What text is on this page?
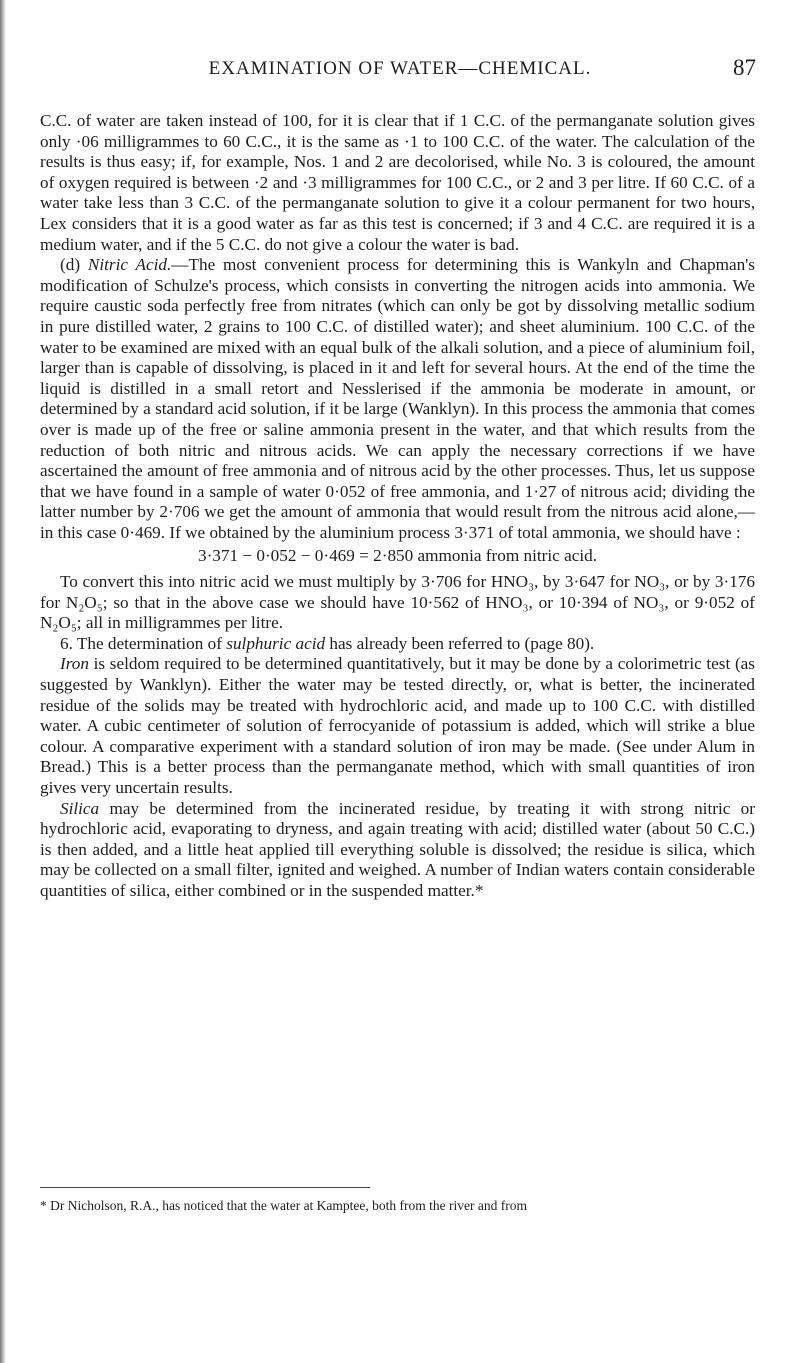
EXAMINATION OF WATER—CHEMICAL.	87

C.C. of water are taken instead of 100, for it is clear that if 1 C.C. of the permanganate solution gives only ·06 milligrammes to 60 C.C., it is the same as ·1 to 100 C.C. of the water. The calculation of the results is thus easy; if, for example, Nos. 1 and 2 are decolorised, while No. 3 is coloured, the amount of oxygen required is between ·2 and ·3 milligrammes for 100 C.C., or 2 and 3 per litre. If 60 C.C. of a water take less than 3 C.C. of the permanganate solution to give it a colour permanent for two hours, Lex considers that it is a good water as far as this test is concerned; if 3 and 4 C.C. are required it is a medium water, and if the 5 C.C. do not give a colour the water is bad.

(d) Nitric Acid.—The most convenient process for determining this is Wankyln and Chapman's modification of Schulze's process, which consists in converting the nitrogen acids into ammonia. We require caustic soda perfectly free from nitrates (which can only be got by dissolving metallic sodium in pure distilled water, 2 grains to 100 C.C. of distilled water); and sheet aluminium. 100 C.C. of the water to be examined are mixed with an equal bulk of the alkali solution, and a piece of aluminium foil, larger than is capable of dissolving, is placed in it and left for several hours. At the end of the time the liquid is distilled in a small retort and Nesslerised if the ammonia be moderate in amount, or determined by a standard acid solution, if it be large (Wanklyn). In this process the ammonia that comes over is made up of the free or saline ammonia present in the water, and that which results from the reduction of both nitric and nitrous acids. We can apply the necessary corrections if we have ascertained the amount of free ammonia and of nitrous acid by the other processes. Thus, let us suppose that we have found in a sample of water 0·052 of free ammonia, and 1·27 of nitrous acid; dividing the latter number by 2·706 we get the amount of ammonia that would result from the nitrous acid alone,—in this case 0·469. If we obtained by the aluminium process 3·371 of total ammonia, we should have :

3·371 − 0·052 − 0·469 = 2·850 ammonia from nitric acid.

To convert this into nitric acid we must multiply by 3·706 for HNO₃, by 3·647 for NO₃, or by 3·176 for N₂O₅; so that in the above case we should have 10·562 of HNO₃, or 10·394 of NO₃, or 9·052 of N₂O₅; all in milligrammes per litre.

6. The determination of sulphuric acid has already been referred to (page 80).

Iron is seldom required to be determined quantitatively, but it may be done by a colorimetric test (as suggested by Wanklyn). Either the water may be tested directly, or, what is better, the incinerated residue of the solids may be treated with hydrochloric acid, and made up to 100 C.C. with distilled water. A cubic centimeter of solution of ferrocyanide of potassium is added, which will strike a blue colour. A comparative experiment with a standard solution of iron may be made. (See under Alum in Bread.) This is a better process than the permanganate method, which with small quantities of iron gives very uncertain results.

Silica may be determined from the incinerated residue, by treating it with strong nitric or hydrochloric acid, evaporating to dryness, and again treating with acid; distilled water (about 50 C.C.) is then added, and a little heat applied till everything soluble is dissolved; the residue is silica, which may be collected on a small filter, ignited and weighed. A number of Indian waters contain considerable quantities of silica, either combined or in the suspended matter.*

* Dr Nicholson, R.A., has noticed that the water at Kamptee, both from the river and from
